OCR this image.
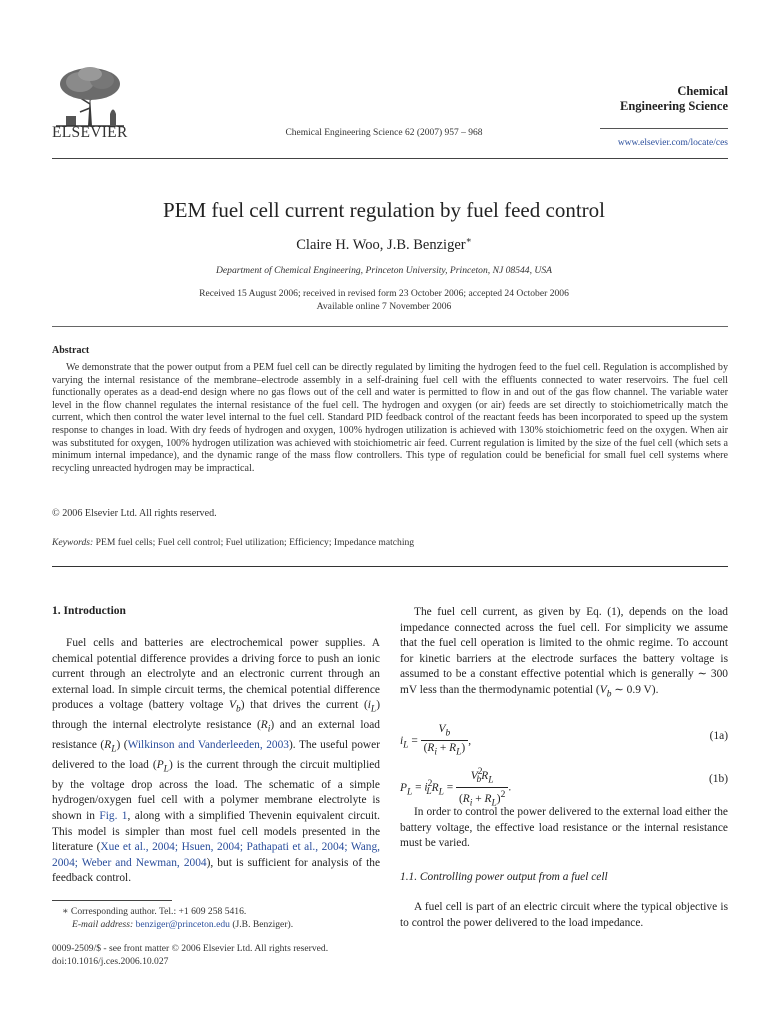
ELSEVIER	Chemical Engineering Science 62 (2007) 957 – 968
Chemical
Engineering Science
www.elsevier.com/locate/ces
PEM fuel cell current regulation by fuel feed control
Claire H. Woo, J.B. Benziger∗
Department of Chemical Engineering, Princeton University, Princeton, NJ 08544, USA
Received 15 August 2006; received in revised form 23 October 2006; accepted 24 October 2006
Available online 7 November 2006
Abstract
We demonstrate that the power output from a PEM fuel cell can be directly regulated by limiting the hydrogen feed to the fuel cell. Regulation is accomplished by varying the internal resistance of the membrane–electrode assembly in a self-draining fuel cell with the effluents connected to water reservoirs. The fuel cell functionally operates as a dead-end design where no gas flows out of the cell and water is permitted to flow in and out of the gas flow channel. The variable water level in the flow channel regulates the internal resistance of the fuel cell. The hydrogen and oxygen (or air) feeds are set directly to stoichiometrically match the current, which then control the water level internal to the fuel cell. Standard PID feedback control of the reactant feeds has been incorporated to speed up the system response to changes in load. With dry feeds of hydrogen and oxygen, 100% hydrogen utilization is achieved with 130% stoichiometric feed on the oxygen. When air was substituted for oxygen, 100% hydrogen utilization was achieved with stoichiometric air feed. Current regulation is limited by the size of the fuel cell (which sets a minimum internal impedance), and the dynamic range of the mass flow controllers. This type of regulation could be beneficial for small fuel cell systems where recycling unreacted hydrogen may be impractical.
© 2006 Elsevier Ltd. All rights reserved.
Keywords: PEM fuel cells; Fuel cell control; Fuel utilization; Efficiency; Impedance matching
1. Introduction
Fuel cells and batteries are electrochemical power supplies. A chemical potential difference provides a driving force to push an ionic current through an electrolyte and an electronic current through an external load. In simple circuit terms, the chemical potential difference produces a voltage (battery voltage $V_b$) that drives the current $(i_L)$ through the internal electrolyte resistance $(R_i)$ and an external load resistance $(R_L)$ (Wilkinson and Vanderleeden, 2003). The useful power delivered to the load $(P_L)$ is the current through the circuit multiplied by the voltage drop across the load. The schematic of a simple hydrogen/oxygen fuel cell with a polymer membrane electrolyte is shown in Fig. 1, along with a simplified Thevenin equivalent circuit. This model is simpler than most fuel cell models presented in the literature (Xue et al., 2004; Hsuen, 2004; Pathapati et al., 2004; Wang, 2004; Weber and Newman, 2004), but is sufficient for analysis of the feedback control.
∗ Corresponding author. Tel.: +1 609 258 5416.
E-mail address: benziger@princeton.edu (J.B. Benziger).
0009-2509/$ - see front matter © 2006 Elsevier Ltd. All rights reserved.
doi:10.1016/j.ces.2006.10.027
The fuel cell current, as given by Eq. (1), depends on the load impedance connected across the fuel cell. For simplicity we assume that the fuel cell operation is limited to the ohmic regime. To account for kinetic barriers at the electrode surfaces the battery voltage is assumed to be a constant effective potential which is generally ∼ 300 mV less than the thermodynamic potential ($V_b$ ∼ 0.9 V).
$i_L = \frac{V_b}{(R_i + R_L)}$ ,	(1a)
$P_L = i^2_LR_L = \frac{V^2_bR_L}{(R_i + R_L)^2}$ .
(1b)
In order to control the power delivered to the external load either the battery voltage, the effective load resistance or the internal resistance must be varied.
1.1. Controlling power output from a fuel cell
A fuel cell is part of an electric circuit where the typical objective is to control the power delivered to the load impedance.
